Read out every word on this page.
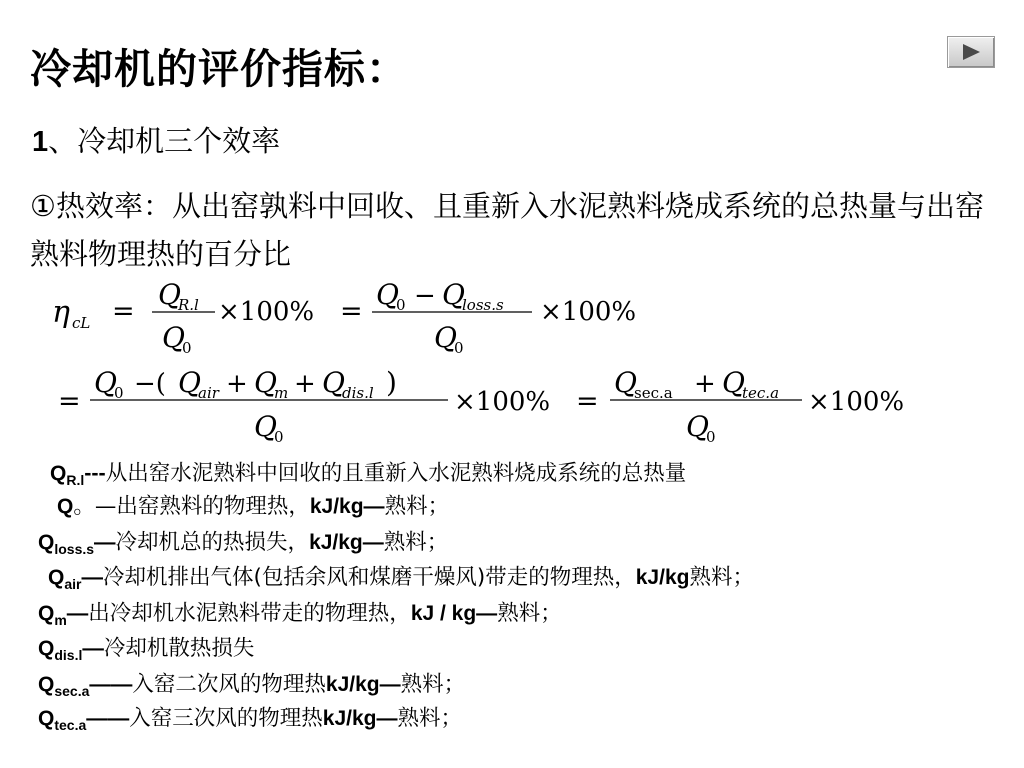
冷却机的评价指标：
1、冷却机三个效率
①热效率：从出窑孰料中回收、且重新入水泥熟料烧成系统的总热量与出窑熟料物理热的百分比
η cL =
Q
R.l
Q
0
×100% =
Q
0 − Q
loss.s
Q
0
×100%
=
Q
0 −( Q
air + Q
m + Q
dis.l )
Q
0
×100% =
Q
sec.a + Q
tec.a
Q
0
×100%
$Q_{R.l}---$从出窑水泥熟料中回收的且重新入水泥熟料烧成系统的总热量
Q。—出窑熟料的物理热，kJ/kg—熟料；
$Q_{loss.s}—$冷却机总的热损失，kJ/kg—熟料；
$Q_{air}—$冷却机排出气体(包括余风和煤磨干燥风)带走的物理热，kJ/kg熟料；
$Q_m—$出冷却机水泥熟料带走的物理热，kJ / kg—熟料；
$Q_{dis.l}—$冷却机散热损失
$Q_{sec.a}——$入窑二次风的物理热kJ/kg—熟料；
$Q_{tec.a}——$入窑三次风的物理热kJ/kg—熟料；
